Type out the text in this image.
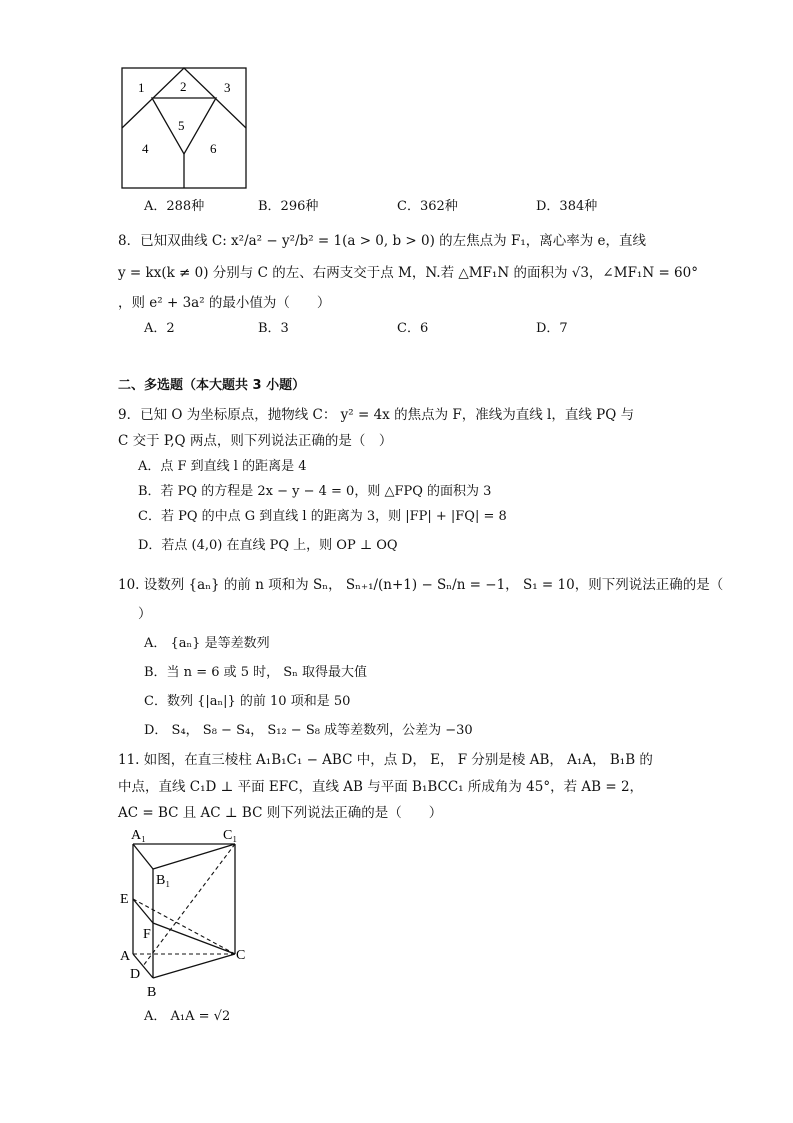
1	2	3
4
5
6
A．288种	B．296种	C．362种	D．384种
8．已知双曲线 C: x²/a² − y²/b² = 1(a > 0, b > 0) 的左焦点为 F₁，离心率为 e，直线
y = kx(k ≠ 0) 分别与 C 的左、右两支交于点 M，N.若 △MF₁N 的面积为 √3，∠MF₁N = 60°
，则 e² + 3a² 的最小值为（　　）
A．2	B．3	C．6	D．7
二、多选题（本大题共 3 小题）
9．已知 O 为坐标原点，抛物线 C： y² = 4x 的焦点为 F，准线为直线 l，直线 PQ 与
C 交于 P,Q 两点，则下列说法正确的是（　）
A．点 F 到直线 l 的距离是 4
B．若 PQ 的方程是 2x − y − 4 = 0，则 △FPQ 的面积为 3
C．若 PQ 的中点 G 到直线 l 的距离为 3，则 |FP| + |FQ| = 8
D．若点 (4,0) 在直线 PQ 上，则 OP ⊥ OQ
10. 设数列 {aₙ} 的前 n 项和为 Sₙ， Sₙ₊₁/(n+1) − Sₙ/n = −1， S₁ = 10，则下列说法正确的是（
）
A． {aₙ} 是等差数列
B．当 n = 6 或 5 时， Sₙ 取得最大值
C．数列 {|aₙ|} 的前 10 项和是 50
D． S₄， S₈ − S₄， S₁₂ − S₈ 成等差数列，公差为 −30
11. 如图，在直三棱柱 A₁B₁C₁ − ABC 中，点 D， E， F 分别是棱 AB， A₁A， B₁B 的
中点，直线 C₁D ⊥ 平面 EFC，直线 AB 与平面 B₁BCC₁ 所成角为 45°，若 AB = 2，
AC = BC 且 AC ⊥ BC 则下列说法正确的是（　　）
A₁	C₁
B₁
E
F
A	C
D
B
A． A₁A = √2
